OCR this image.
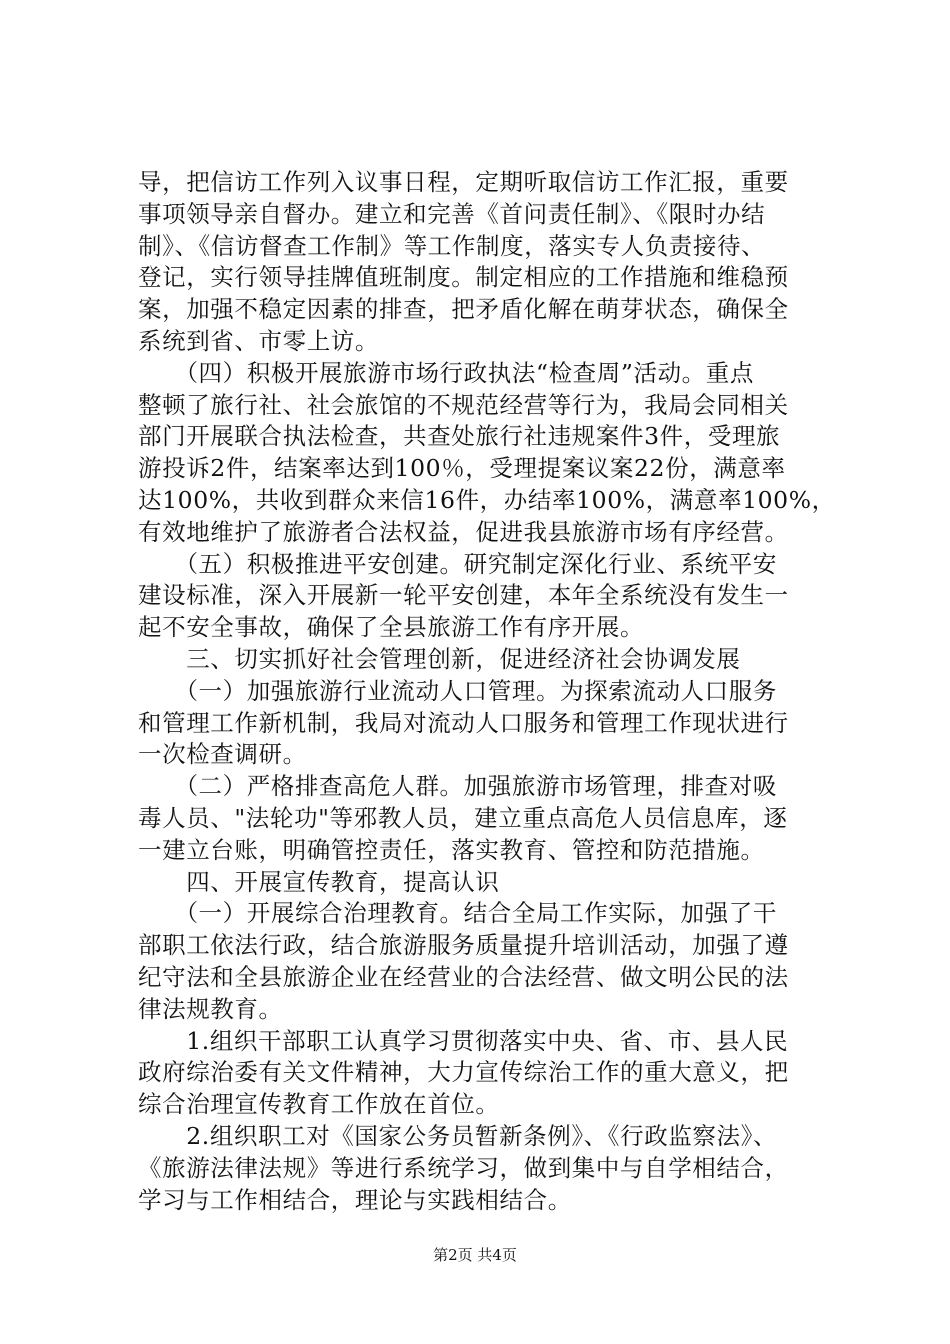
导，把信访工作列入议事日程，定期听取信访工作汇报，重要
事项领导亲自督办。建立和完善《首问责任制》、《限时办结
制》、《信访督查工作制》等工作制度，落实专人负责接待、
登记，实行领导挂牌值班制度。制定相应的工作措施和维稳预
案，加强不稳定因素的排查，把矛盾化解在萌芽状态，确保全
系统到省、市零上访。
　　（四）积极开展旅游市场行政执法“检查周”活动。重点
整顿了旅行社、社会旅馆的不规范经营等行为，我局会同相关
部门开展联合执法检查，共查处旅行社违规案件3件，受理旅
游投诉2件，结案率达到100％，受理提案议案22份，满意率
达100%，共收到群众来信16件，办结率100%，满意率100%，
有效地维护了旅游者合法权益，促进我县旅游市场有序经营。
　　（五）积极推进平安创建。研究制定深化行业、系统平安
建设标准，深入开展新一轮平安创建，本年全系统没有发生一
起不安全事故，确保了全县旅游工作有序开展。
　　三、切实抓好社会管理创新，促进经济社会协调发展
　　（一）加强旅游行业流动人口管理。为探索流动人口服务
和管理工作新机制，我局对流动人口服务和管理工作现状进行
一次检查调研。
　　（二）严格排查高危人群。加强旅游市场管理，排查对吸
毒人员、"法轮功"等邪教人员，建立重点高危人员信息库，逐
一建立台账，明确管控责任，落实教育、管控和防范措施。
　　四、开展宣传教育，提高认识
　　（一）开展综合治理教育。结合全局工作实际，加强了干
部职工依法行政，结合旅游服务质量提升培训活动，加强了遵
纪守法和全县旅游企业在经营业的合法经营、做文明公民的法
律法规教育。
　　1.组织干部职工认真学习贯彻落实中央、省、市、县人民
政府综治委有关文件精神，大力宣传综治工作的重大意义，把
综合治理宣传教育工作放在首位。
　　2.组织职工对《国家公务员暂新条例》、《行政监察法》、
《旅游法律法规》等进行系统学习，做到集中与自学相结合，
学习与工作相结合，理论与实践相结合。
第2页 共4页
